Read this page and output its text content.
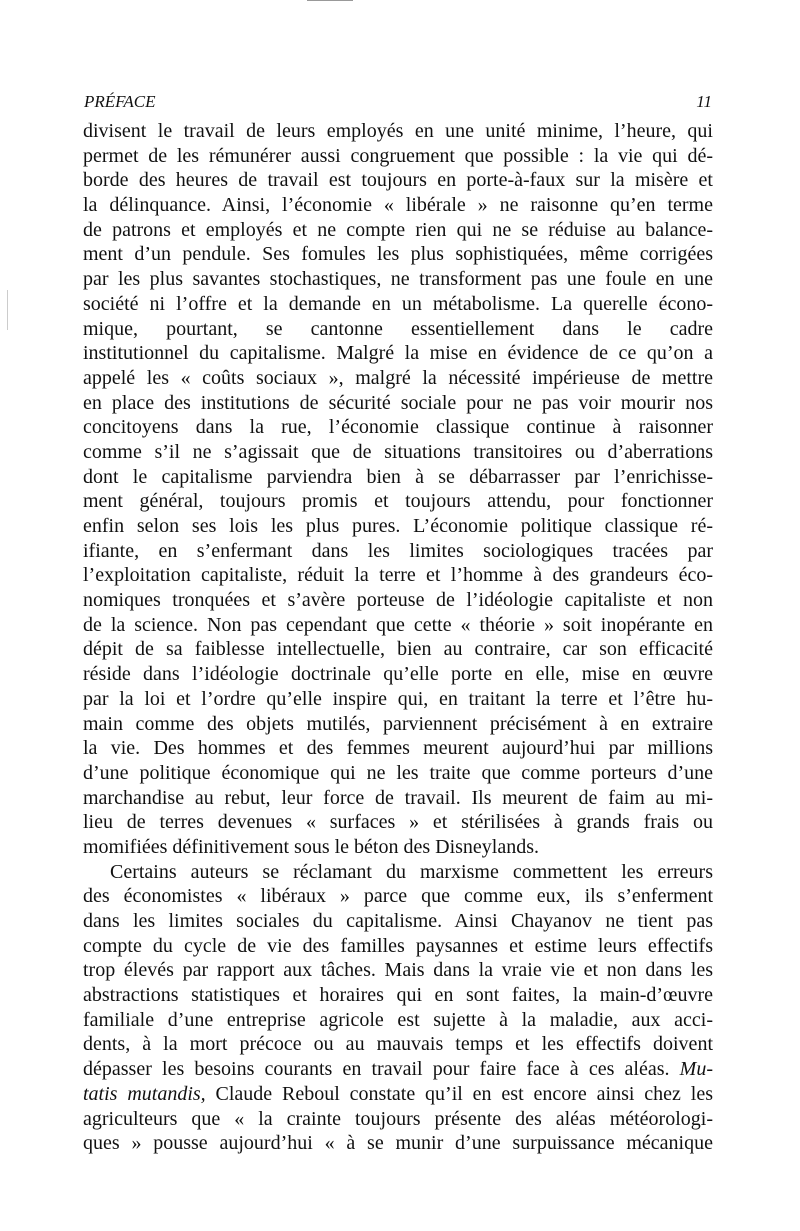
PRÉFACE	11
divisent le travail de leurs employés en une unité minime, l’heure, qui
permet de les rémunérer aussi congruement que possible : la vie qui dé-
borde des heures de travail est toujours en porte-à-faux sur la misère et
la délinquance. Ainsi, l’économie « libérale » ne raisonne qu’en terme
de patrons et employés et ne compte rien qui ne se réduise au balance-
ment d’un pendule. Ses fomules les plus sophistiquées, même corrigées
par les plus savantes stochastiques, ne transforment pas une foule en une
société ni l’offre et la demande en un métabolisme. La querelle écono-
mique, pourtant, se cantonne essentiellement dans le cadre
institutionnel du capitalisme. Malgré la mise en évidence de ce qu’on a
appelé les « coûts sociaux », malgré la nécessité impérieuse de mettre
en place des institutions de sécurité sociale pour ne pas voir mourir nos
concitoyens dans la rue, l’économie classique continue à raisonner
comme s’il ne s’agissait que de situations transitoires ou d’aberrations
dont le capitalisme parviendra bien à se débarrasser par l’enrichisse-
ment général, toujours promis et toujours attendu, pour fonctionner
enfin selon ses lois les plus pures. L’économie politique classique ré-
ifiante, en s’enfermant dans les limites sociologiques tracées par
l’exploitation capitaliste, réduit la terre et l’homme à des grandeurs éco-
nomiques tronquées et s’avère porteuse de l’idéologie capitaliste et non
de la science. Non pas cependant que cette « théorie » soit inopérante en
dépit de sa faiblesse intellectuelle, bien au contraire, car son efficacité
réside dans l’idéologie doctrinale qu’elle porte en elle, mise en œuvre
par la loi et l’ordre qu’elle inspire qui, en traitant la terre et l’être hu-
main comme des objets mutilés, parviennent précisément à en extraire
la vie. Des hommes et des femmes meurent aujourd’hui par millions
d’une politique économique qui ne les traite que comme porteurs d’une
marchandise au rebut, leur force de travail. Ils meurent de faim au mi-
lieu de terres devenues « surfaces » et stérilisées à grands frais ou
momifiées définitivement sous le béton des Disneylands.
Certains auteurs se réclamant du marxisme commettent les erreurs
des économistes « libéraux » parce que comme eux, ils s’enferment
dans les limites sociales du capitalisme. Ainsi Chayanov ne tient pas
compte du cycle de vie des familles paysannes et estime leurs effectifs
trop élevés par rapport aux tâches. Mais dans la vraie vie et non dans les
abstractions statistiques et horaires qui en sont faites, la main-d’œuvre
familiale d’une entreprise agricole est sujette à la maladie, aux acci-
dents, à la mort précoce ou au mauvais temps et les effectifs doivent
dépasser les besoins courants en travail pour faire face à ces aléas. Mu-
tatis mutandis, Claude Reboul constate qu’il en est encore ainsi chez les
agriculteurs que « la crainte toujours présente des aléas météorologi-
ques » pousse aujourd’hui « à se munir d’une surpuissance mécanique
